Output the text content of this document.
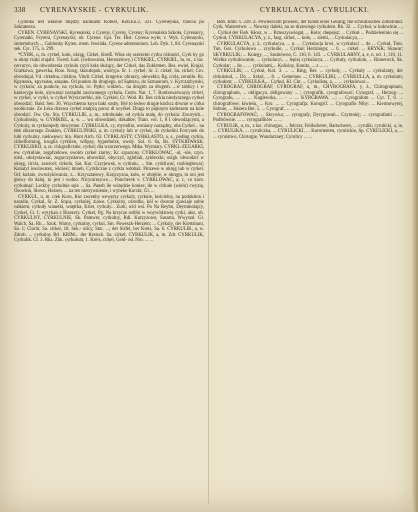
338 CYRENAYSKIE - CYRKULIK.	CYRKULACYA - CYRULICKI.

Cyrenka iest właśnie między karakami Kobiet, Kob.En.2, 321. Cyreneyska, trzecia po Sokrateszu.

CYREN. CYRENAYSKI, Kyrenaiski, z Cyreny, Cyreny, Cyreny; Kyrenaiska Szkoła, Cyrenaicy, Cyrenaiki, Fryreni, Cyrenayski; ob. Cyrene. Gpr. Ter. Hist. Cyrena wyle; v. Wyk. Cyrenayski, śmiertelnych..., Gablonky Kyren. mem. fewińda, Cyrene adrentonium. Leh. Dyk. I, 84. Cyrenayski sek. Cyr. 175, n. 299.

*CYRK, u, m. cyrkel, koło, okrąg, Cirkel, Kreiß. Wina się szerzemi cyrku różności, Cyrk by go w okręt rzuki zrajabi. Twerd. Ład. (świtowania, Henszelowy.) CYRKIEL, CYRKIEL, ła, m., z łac. cercuryo, do obwodzenia cyrkulu czyli koła służący, der Cirkel, das Zuklemen. Bes. ewiel, Krajal, Gratkowa, gawecka, Ross. Krug, śkizułopok, wzóryja. Sr. 1. cyrkel; Sr. 2. cirkel; Sa. cirkel; Cro. obvodnjal, Vd. cirkelnu, cirklinu. Vindr. Cirkel, krugelce. obrazcy, oleweklo; Rg. crzla, cerutilo. Rs. Кружокъ, кругымо, коцовъ. Od punktu do drugiego, od Sąmszu, do Szmaurum, v. Kyrczarbynski, w cyrkulu; za punkcie, na cyrkulu, ro. Pętlo; widzeń... na drugim za drugem. ...w tablicy i w kaskwygo koło, ulywanyi narządni zaszwanego cyrkulu. Cezm. Nar. 1, 7. Bonbowarwayzy cirkel, w cyrkel, w cyrkl, w cyrkel Wyszczerbki, ale. Cyrkiel, Cr. Wod. Rl. Bes cirkla niesłysznego cyrkel obwodzić. Bald. Sen. 36. Wzychłemu koyu baki sosby. Był to ledwo drugie kochcz drwnie w cirku osobicznie. Ze Łska drzewa cyrkel malpcą poroz dl ocyrkel. Draga to pięknym kuderzem na kole obrodzić. Ow. Ow. Sta. CYRKULIK, a, m., zdrobniałe, od cyrkla malę, do cyrkula: Zwurytch... Cyrkulinsky, w. GYMKIEL, a, w. ... wu obwodzień, dokabbe; Tram. vol. 1, 8 I obwodzącymi, a Cyrkuly, tu cyrkulujedy dowymne. CYRKULKA, cy, mymdim, woniany narządny, oba Cyrkel... na tłek zikzorsego Znakien, CYRKULIŃSKI, a, m. cyrkuly lub w cyrkel, do cyrkelini Forcynek do lubi cyrkulny, niekwęwo; Sta. Hunt Arch. 63. CYRKLASTY, CYRKLASTO, a, s., podług cyrkla, cirkelforming, kruglia cyrkilen, wllipsy, hyperbolsk, owsty. Sol. 6. 6a, Bs. SYTKRIWASK. CYRKLISKO, a, ss. cirkgraficznie, cyrkel; dla wzorzerwego. Mtka. Wymiary. CYRKL-ZEGARKI, ew. cyrkulnie, zegafzelowe, swoim cyrkel ziarny; Kr. szpuzony. CYRKLOWAC, -al, -uie, czyn. nied., ułożystawiać, zegarczynkowe, obwodzić, obyczyć, zglobali, zykłeczki; ośrgh. obwodzić w okręg, circla, zawicel; cirkelu, Sat. Kur. Czyrjowsk, w cyrkulu, ... Sm. cyrkliwać, rozbiegłować; Kanatyl iswinwatez, wkriesi; mineb, Cyrkliczne z cyrkla wdobaż. Pinzewe w okręg lub w cyrkel. Od; kuźnie, zwrożykiwaniu; z... Krzyształowy, Krajczyzna, koło, w obrębie, w okręgu, tu oni jest głowy do dalej, to jest i wolno. Nicynirezywe...; Poncherek v. CYRKLOWAC, a; r., co kom. cyrkulnąć; Leckby cyrkulnie sęla ... Sa. Paneb ile wśzędzie koniec, ile w cirkule (wielu) cwyzię, Osowkin, Słowo, Herzen, ... na ten nietrywnienie, i wybeke Korski; Gl. ...

CYRKUŁ, u, m. ciek Kuro, Kur zwrenby wewęrzy cyrkuly, cyrkule, kościelny, na poduktion i naradin, Cyrkal, Sr. Z. Srąca, cyrkulej, ziawe. Cyrkulny, ośrodku, kół w dworze zjawiaje sobie całkiem, cyrkuły wanetki, wnętrka, Kriet, cyrkuly... Zurk; wid wsi. Po Na Reybn, Deymmolajcy, Cyrkel, Cr. I; wytykan z Bisezery. Cyrkel, Pg. Na krzyrze osibhi w woywództwię cyrkl, ałos, ob. CYRKULNY, CYRKULNIE, Sk. Pamwer, cyrkulny, Rdl. Kurzyzowe, Sasarta, Wwyszd. Gl. Walch, Sa. Rh... Szuk. Warny, cyrkulny, cyrkul, Sm. Poweszk-Herzem; ... Cyrkuly, der Kiertshuni, Sa. 1; Clorin; Sa. cirkel, 18, Sek.- ulicy, Stzr. ...; der Sirfel, ber Kreis, Sa. 6. CYRKULIK, a, w. Zdrob. ... cyrkulny Brl. KRIM... der Kreisch. Sa. cirkel; CYRKULIK, a, m. Zdr. CYRKULIK, Cyrkulik. Cl. 3. Rkz. Zhk. cyrkulum, 1. Kreis, cirkel, Geld- od. Nro. ... ...

Bob. Jimb. v. 228. Z. Powieściom powieść, der Kreiß einer Gesang, the schwäbisches Zirkelrund. Cyrk. Wanerstwo: ... Nowszy daleki, na ze drzewiego cyrkułom. Rk. 32. ... Cyrkuł, w kołowinie ..., ... Cyrkuł der Fieb. Kłosz, w ... Brzeszyswiegat, ... Koto; chepejsz; ... Cyrkuł ... Podzieleninio się ... Cyrkuł, CYRKULACYA, y, ż., fasg. cirkel, ... koło, ... ziemi, ... Cyrkulacya, ...

CYRKULACYA, y, ż., cyrkulacya, ... n. ... Cyrkulacja krwi, w cyrkulaci ... do ... Cyrkuł, Tom. Tun. Gez. Cyrkulowa ... zcyrkulie, ... Cyrkuł; Herzinogu; ... 6, ... cirkel. ... KRYKK; Skawar; SKYRKULIK; ... Kniegy, ...; Sasinówno, C. 110, 6. 143. ... CYRKULARNY, a, e, n. od. 1, 110, 11. Wielka cyrkulowanie, ... cyrkulacyi, ... lepiej cyrkulacya, ... Cyrkuły, cyrkulum, ... Rinnensch, Sk. Cyrkular; ... do ... ... cyrkulami,... Kolisiny, Konitz, ... z ... ...

CYRKULIK; ... Cyrkul, Kol. 3. ... ... Ring, Ber. ... cyrkuły, ... Cyrkuły ... cyrkulanty, der cirkulstud, ... Do ... Szkol, ... 8. ... Gemeines ...; CYRKULIKI, ... CYRKULLA, a, m. cyrkulum; cyrkułom; ... CYRKUŁKA,... Cyrkul, Kl. Chr. ... Cyrkulista, a, ... ... cyrkulować...

CYROGRAF, CHROGRAF, CYROGRAF, u, m., CHYROGRAFA, y, ż., Chirographum, chirographum, ... obligacya, obligowany ... ; cyrografik, cyrografować; Cyrograf, ... Herzog- ... Cyrografu, ... ... ... Kuglewska, ... - ... ... KYRGRAWA. ...; ... Cyrografom ... Cyr. T, 6. ... chirografowe; kiwieśu, ... Kro. ... ... Cyrografja; Kurogrif. ... Cyrografin Niby: ... Kiermowytej, Sobnie, ... Hezera Ber. 5. ... Cyrograf, ... ... ...

CYROGRAFOWAĆ; ... Skrywka; ... cyrografy, Dyrygowań... Czymniej; ... cyrografami ... ... Podłrównie. ... ... cyrografików ... ...

CYRULIK, a, m., z łac. chirurgus, ... felczer, Feldscherer, Bartscherer, ... cyrulik; cyrulicki, a, ie, ... CYRULIKA, ... cyruliczka, ... CYRULICKI, ... Kurortenten, cyrulickie, Sp. CYRULICKI, a, ... ... cyrulstwo, Chirurgie, Wundarzney; Cyrulicy ... ...
